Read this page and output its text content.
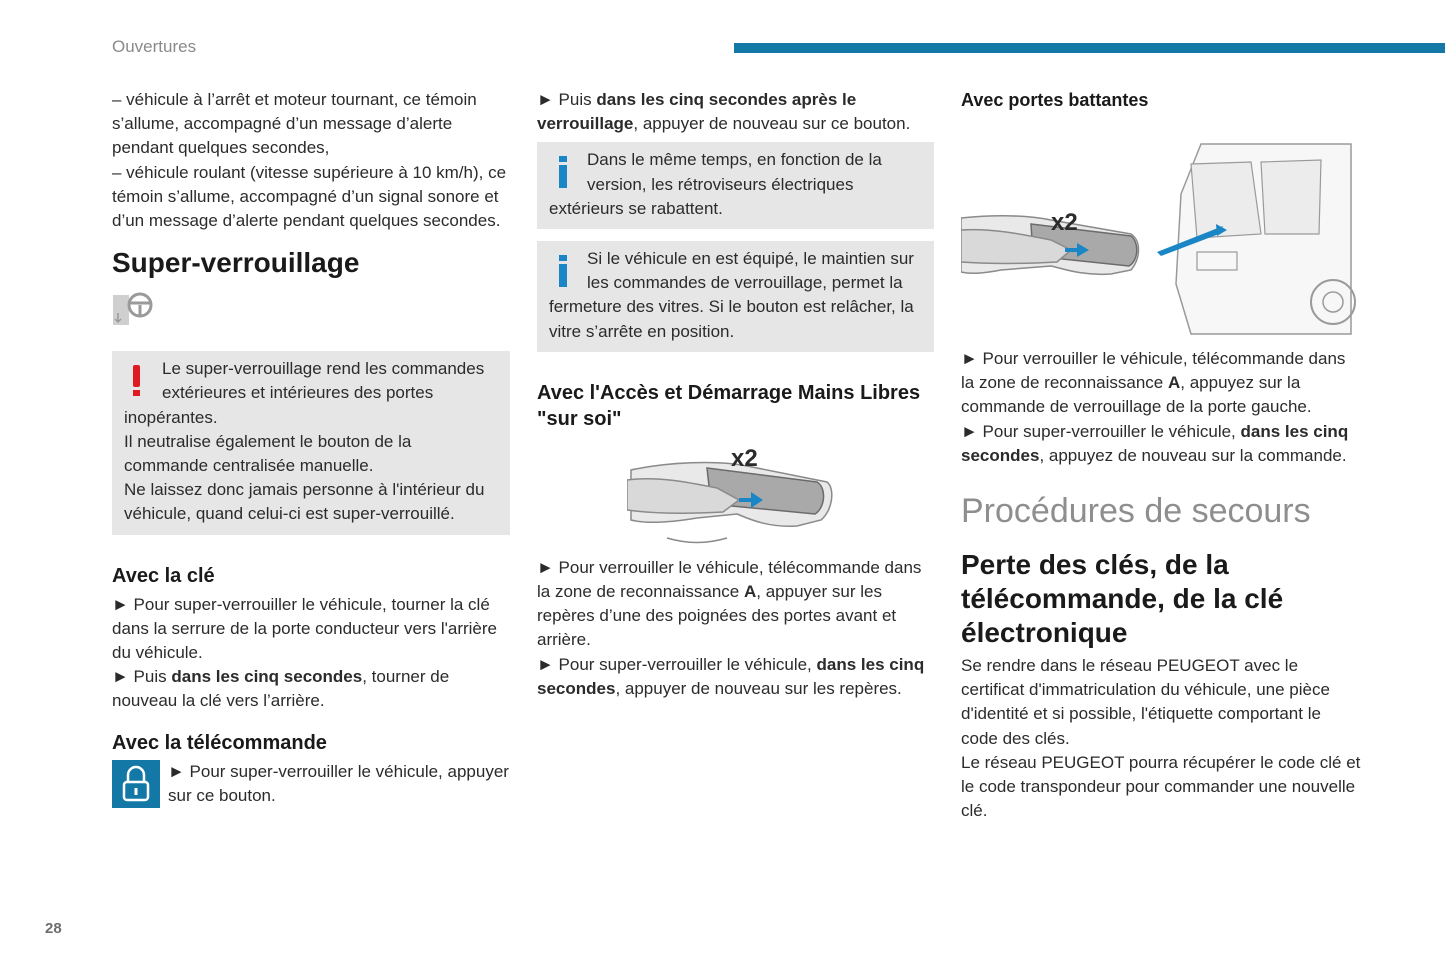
Ouvertures
28

– véhicule à l’arrêt et moteur tournant, ce témoin s’allume, accompagné d’un message d’alerte pendant quelques secondes,

– véhicule roulant (vitesse supérieure à 10 km/h), ce témoin s’allume, accompagné d’un signal sonore et d’un message d’alerte pendant quelques secondes.

Super-verrouillage

Le super-verrouillage rend les commandes extérieures et intérieures des portes inopérantes.

Il neutralise également le bouton de la commande centralisée manuelle.

Ne laissez donc jamais personne à l'intérieur du véhicule, quand celui-ci est super-verrouillé.

Avec la clé

► Pour super-verrouiller le véhicule, tourner la clé dans la serrure de la porte conducteur vers l'arrière du véhicule.

► Puis dans les cinq secondes, tourner de nouveau la clé vers l’arrière.

Avec la télécommande

► Pour super-verrouiller le véhicule, appuyer sur ce bouton.

► Puis dans les cinq secondes après le verrouillage, appuyer de nouveau sur ce bouton.

Dans le même temps, en fonction de la version, les rétroviseurs électriques extérieurs se rabattent.

Si le véhicule en est équipé, le maintien sur les commandes de verrouillage, permet la fermeture des vitres. Si le bouton est relâcher, la vitre s’arrête en position.

Avec l'Accès et Démarrage Mains Libres "sur soi"
x2

► Pour verrouiller le véhicule, télécommande dans la zone de reconnaissance A, appuyer sur les repères d’une des poignées des portes avant et arrière.

► Pour super-verrouiller le véhicule, dans les cinq secondes, appuyer de nouveau sur les repères.

Avec portes battantes
x2

► Pour verrouiller le véhicule, télécommande dans la zone de reconnaissance A, appuyez sur la commande de verrouillage de la porte gauche.

► Pour super-verrouiller le véhicule, dans les cinq secondes, appuyez de nouveau sur la commande.

Procédures de secours
Perte des clés, de la télécommande, de la clé électronique

Se rendre dans le réseau PEUGEOT avec le certificat d'immatriculation du véhicule, une pièce d'identité et si possible, l'étiquette comportant le code des clés.

Le réseau PEUGEOT pourra récupérer le code clé et le code transpondeur pour commander une nouvelle clé.
